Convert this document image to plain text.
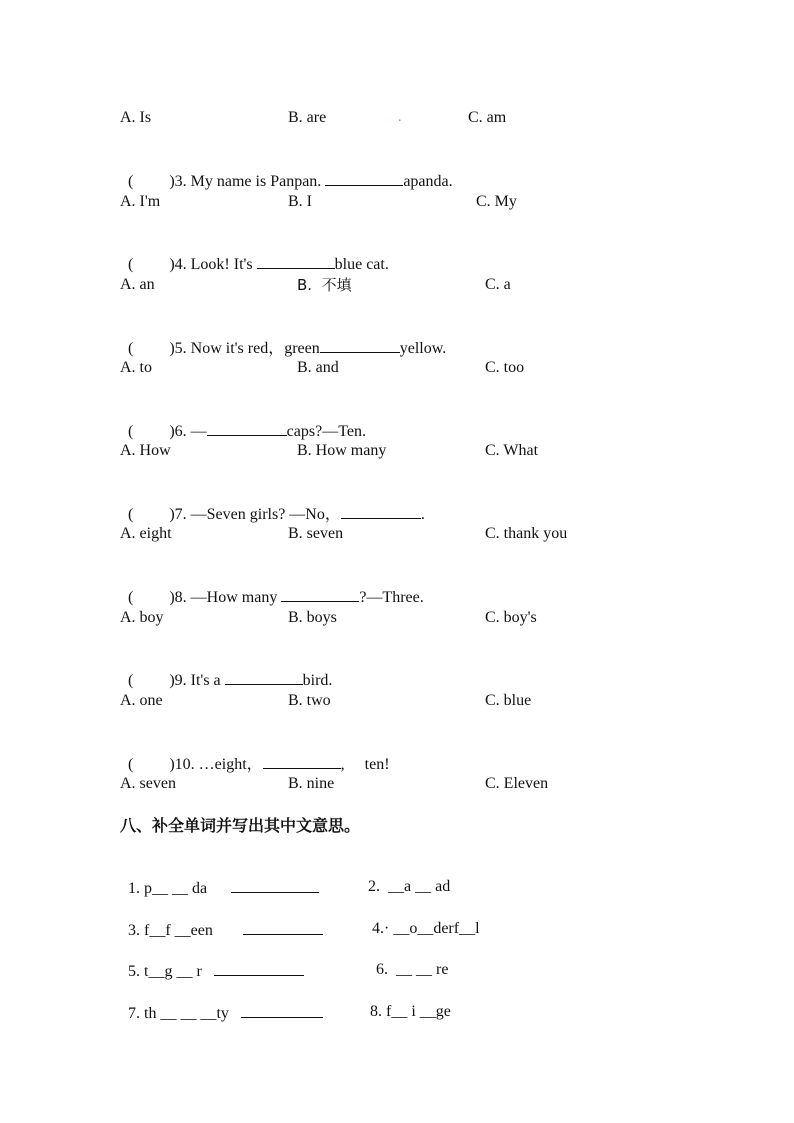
A. Is	B. are	.	C. am

( )3. My name is Panpan.	apanda.

A. I'm	B. I	C. My

( )4. Look! It's	blue cat.

A. an	B.  不填	C. a

( )5. Now it's red，green	yellow.

A. to	B. and	C. too

( )6. —	caps?—Ten.

A. How	B. How many	C. What

( )7. —Seven girls? —No，	.

A. eight	B. seven	C. thank you

( )8. —How many	?—Three.

A. boy	B. boys	C. boy's

( )9. It's a	bird.

A. one	B. two	C. blue

( )10. …eight，	,     ten!

A. seven	B. nine	C. Eleven
八、补全单词并写出其中文意思。

1. p__ __ da	2.  __a __ ad

3. f__f __een	4.· __o__derf__l

5. t__g __ r	6.  __ __ re

7. th __ __ __ty	8. f__ i __ge
